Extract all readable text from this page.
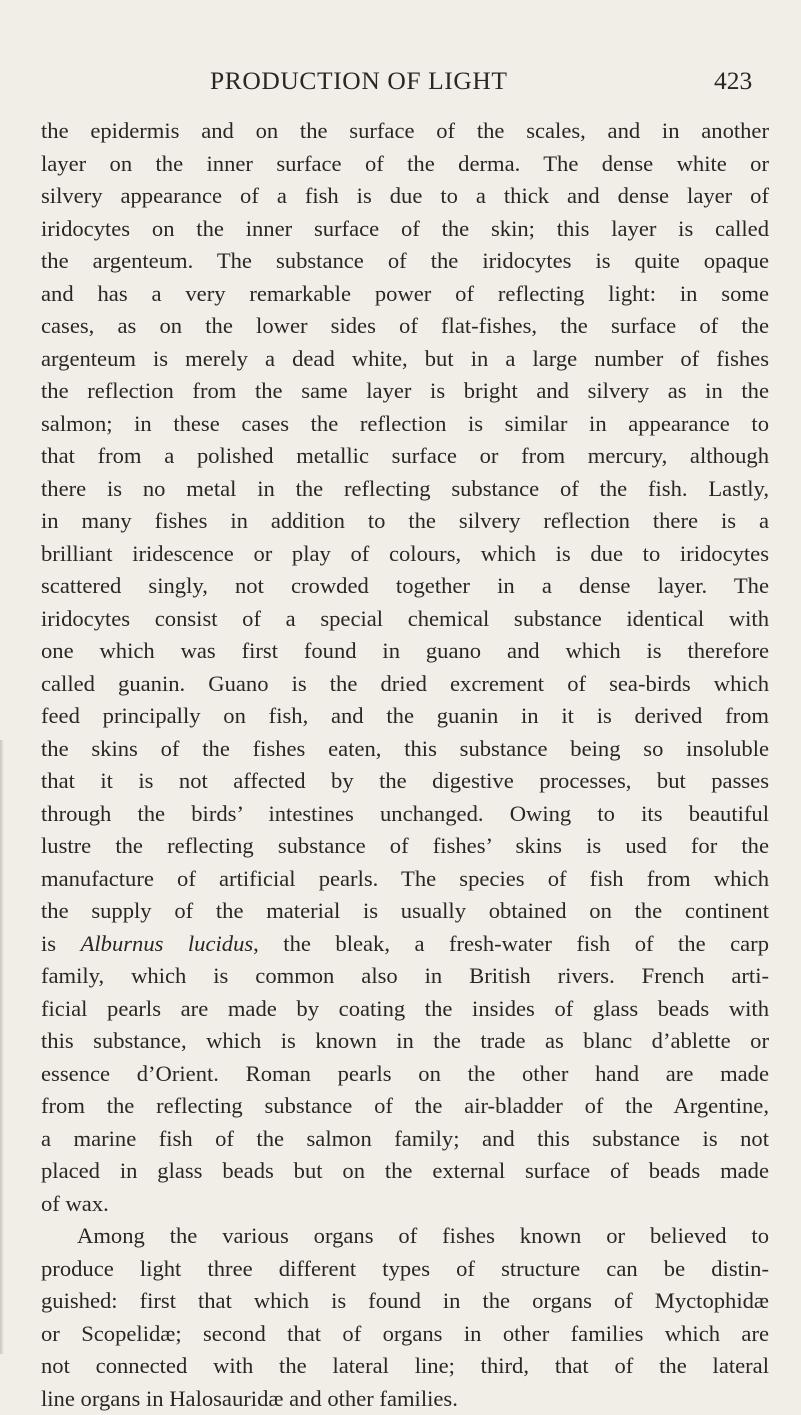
PRODUCTION OF LIGHT	423
the epidermis and on the surface of the scales, and in another
layer on the inner surface of the derma. The dense white or
silvery appearance of a fish is due to a thick and dense layer of
iridocytes on the inner surface of the skin; this layer is called
the argenteum. The substance of the iridocytes is quite opaque
and has a very remarkable power of reflecting light: in some
cases, as on the lower sides of flat-fishes, the surface of the
argenteum is merely a dead white, but in a large number of fishes
the reflection from the same layer is bright and silvery as in the
salmon; in these cases the reflection is similar in appearance to
that from a polished metallic surface or from mercury, although
there is no metal in the reflecting substance of the fish. Lastly,
in many fishes in addition to the silvery reflection there is a
brilliant iridescence or play of colours, which is due to iridocytes
scattered singly, not crowded together in a dense layer. The
iridocytes consist of a special chemical substance identical with
one which was first found in guano and which is therefore
called guanin. Guano is the dried excrement of sea-birds which
feed principally on fish, and the guanin in it is derived from
the skins of the fishes eaten, this substance being so insoluble
that it is not affected by the digestive processes, but passes
through the birds’ intestines unchanged. Owing to its beautiful
lustre the reflecting substance of fishes’ skins is used for the
manufacture of artificial pearls. The species of fish from which
the supply of the material is usually obtained on the continent
is Alburnus lucidus, the bleak, a fresh-water fish of the carp
family, which is common also in British rivers. French arti-
ficial pearls are made by coating the insides of glass beads with
this substance, which is known in the trade as blanc d’ablette or
essence d’Orient. Roman pearls on the other hand are made
from the reflecting substance of the air-bladder of the Argentine,
a marine fish of the salmon family; and this substance is not
placed in glass beads but on the external surface of beads made
of wax.
Among the various organs of fishes known or believed to
produce light three different types of structure can be distin-
guished: first that which is found in the organs of Myctophidæ
or Scopelidæ; second that of organs in other families which are
not connected with the lateral line; third, that of the lateral
line organs in Halosauridæ and other families.
